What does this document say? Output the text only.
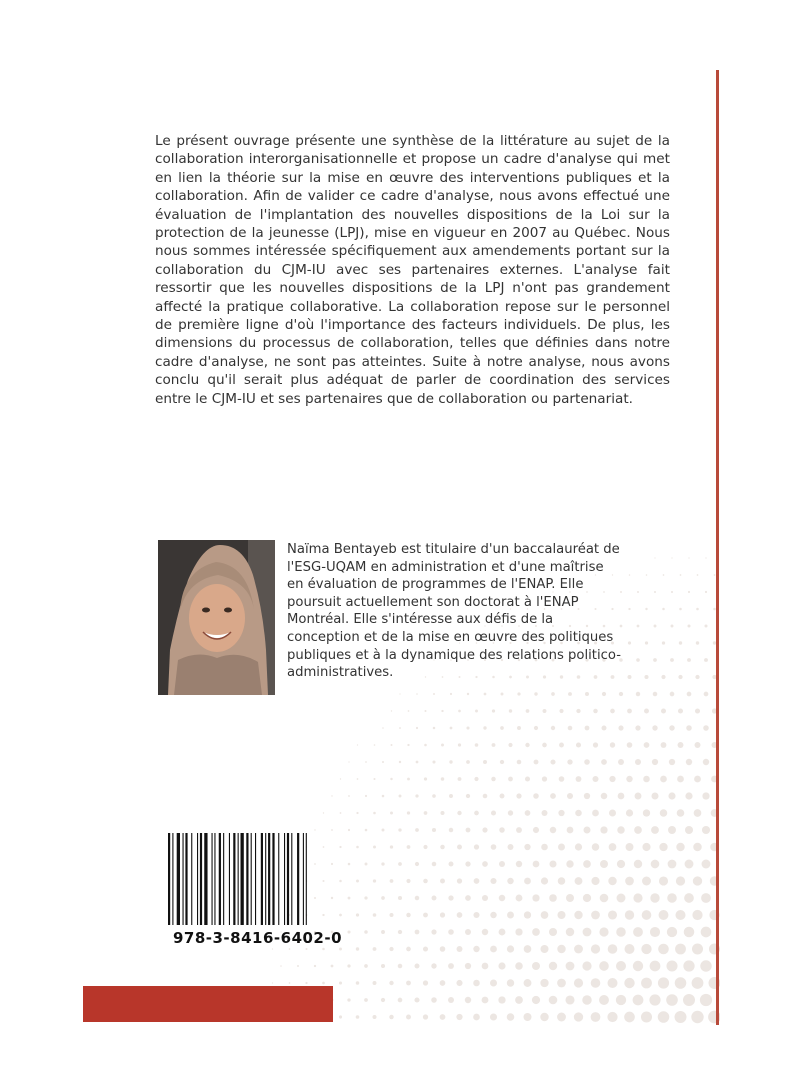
Le présent ouvrage présente une synthèse de la littérature au sujet de la collaboration interorganisationnelle et propose un cadre d'analyse qui met en lien la théorie sur la mise en œuvre des interventions publiques et la collaboration. Afin de valider ce cadre d'analyse, nous avons effectué une évaluation de l'implantation des nouvelles dispositions de la Loi sur la protection de la jeunesse (LPJ), mise en vigueur en 2007 au Québec. Nous nous sommes intéressée spécifiquement aux amendements portant sur la collaboration du CJM-IU avec ses partenaires externes. L'analyse fait ressortir que les nouvelles dispositions de la LPJ n'ont pas grandement affecté la pratique collaborative. La collaboration repose sur le personnel de première ligne d'où l'importance des facteurs individuels. De plus, les dimensions du processus de collaboration, telles que définies dans notre cadre d'analyse, ne sont pas atteintes. Suite à notre analyse, nous avons conclu qu'il serait plus adéquat de parler de coordination des services entre le CJM-IU et ses partenaires que de collaboration ou partenariat.

Naïma Bentayeb est titulaire d'un baccalauréat de l'ESG-UQAM en administration et d'une maîtrise en évaluation de programmes de l'ENAP. Elle poursuit actuellement son doctorat à l'ENAP Montréal. Elle s'intéresse aux défis de la conception et de la mise en œuvre des politiques publiques et à la dynamique des relations politico-administratives.

978-3-8416-6402-0
